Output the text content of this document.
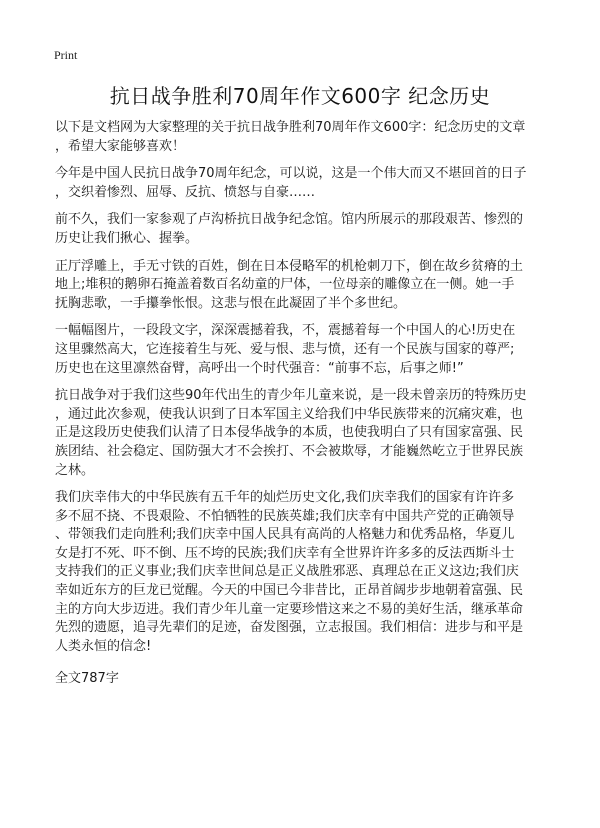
Print
抗日战争胜利70周年作文600字 纪念历史

以下是文档网为大家整理的关于抗日战争胜利70周年作文600字：纪念历史的文章
，希望大家能够喜欢！

今年是中国人民抗日战争70周年纪念，可以说，这是一个伟大而又不堪回首的日子
，交织着惨烈、屈辱、反抗、愤怒与自豪……

前不久，我们一家参观了卢沟桥抗日战争纪念馆。馆内所展示的那段艰苦、惨烈的
历史让我们揪心、握拳。

正厅浮雕上，手无寸铁的百姓，倒在日本侵略军的机枪刺刀下，倒在故乡贫瘠的土
地上;堆积的鹅卵石掩盖着数百名幼童的尸体，一位母亲的雕像立在一侧。她一手
抚胸悲歌，一手攥拳怅恨。这悲与恨在此凝固了半个多世纪。

一幅幅图片，一段段文字，深深震撼着我，不，震撼着每一个中国人的心!历史在
这里骤然高大，它连接着生与死、爱与恨、悲与愤，还有一个民族与国家的尊严;
历史也在这里凛然奋臂，高呼出一个时代强音：“前事不忘，后事之师!”

抗日战争对于我们这些90年代出生的青少年儿童来说，是一段未曾亲历的特殊历史
，通过此次参观，使我认识到了日本军国主义给我们中华民族带来的沉痛灾难，也
正是这段历史使我们认清了日本侵华战争的本质，也使我明白了只有国家富强、民
族团结、社会稳定、国防强大才不会挨打、不会被欺辱，才能巍然屹立于世界民族
之林。

我们庆幸伟大的中华民族有五千年的灿烂历史文化,我们庆幸我们的国家有许许多
多不屈不挠、不畏艰险、不怕牺牲的民族英雄;我们庆幸有中国共产党的正确领导
、带领我们走向胜利;我们庆幸中国人民具有高尚的人格魅力和优秀品格，华夏儿
女是打不死、吓不倒、压不垮的民族;我们庆幸有全世界许许多多的反法西斯斗士
支持我们的正义事业;我们庆幸世间总是正义战胜邪恶、真理总在正义这边;我们庆
幸如近东方的巨龙已觉醒。今天的中国已今非昔比，正昂首阔步步地朝着富强、民
主的方向大步迈进。我们青少年儿童一定要珍惜这来之不易的美好生活，继承革命
先烈的遗愿，追寻先辈们的足迹，奋发图强，立志报国。我们相信：进步与和平是
人类永恒的信念!

全文787字
